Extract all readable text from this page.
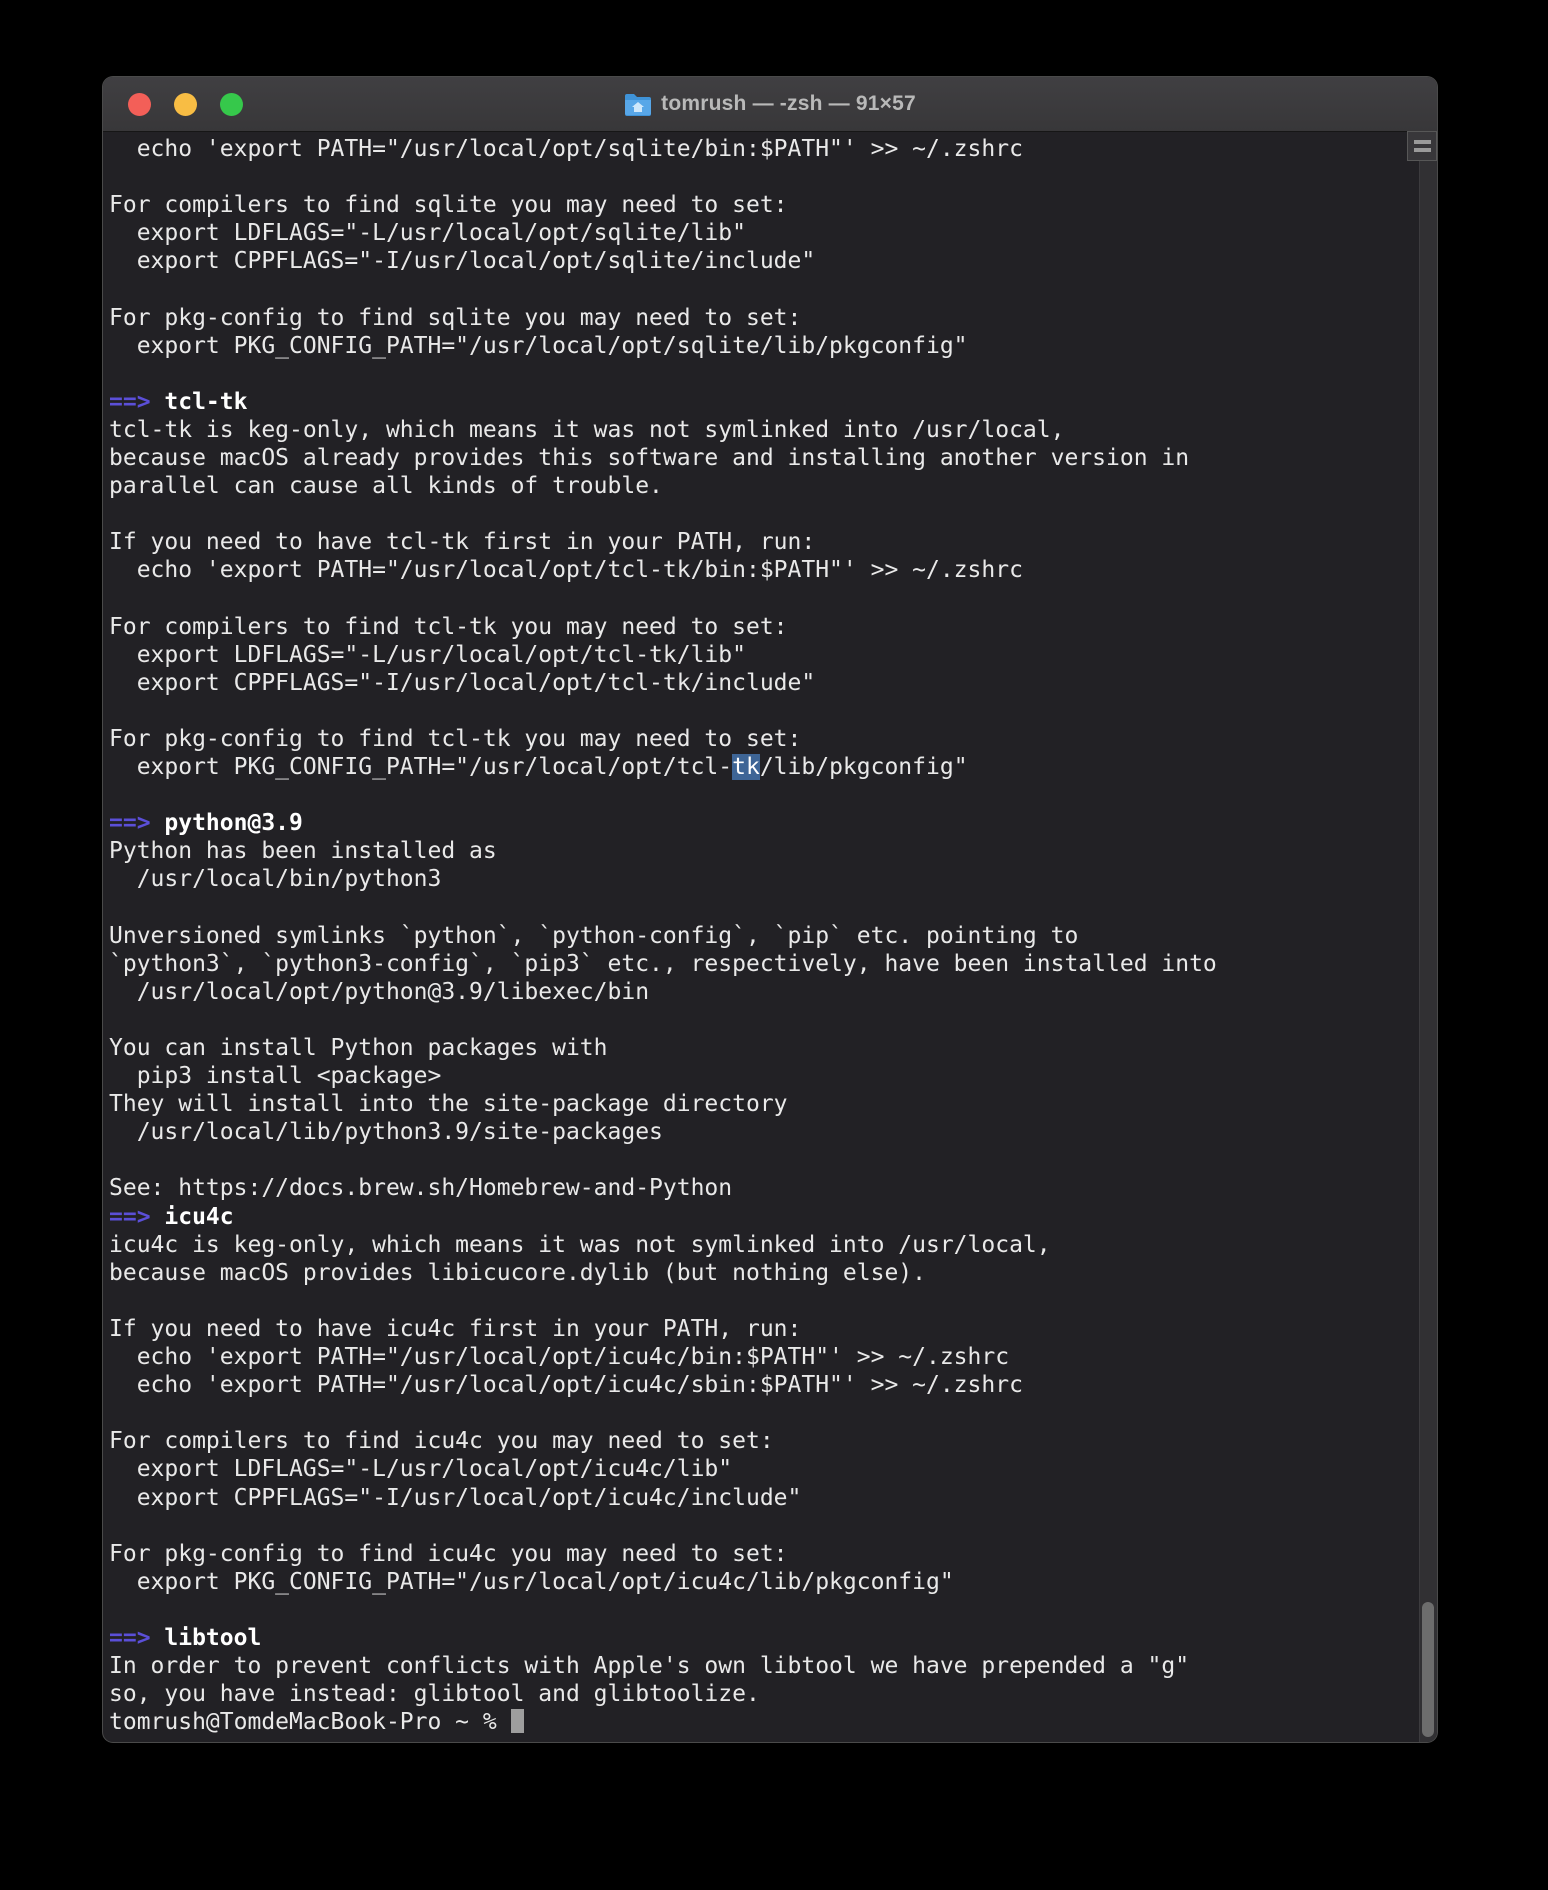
tomrush — -zsh — 91×57
echo 'export PATH="/usr/local/opt/sqlite/bin:$PATH"' >> ~/.zshrc
For compilers to find sqlite you may need to set:
export LDFLAGS="-L/usr/local/opt/sqlite/lib"
export CPPFLAGS="-I/usr/local/opt/sqlite/include"
For pkg-config to find sqlite you may need to set:
export PKG_CONFIG_PATH="/usr/local/opt/sqlite/lib/pkgconfig"
==> tcl-tk
tcl-tk is keg-only, which means it was not symlinked into /usr/local,
because macOS already provides this software and installing another version in
parallel can cause all kinds of trouble.
If you need to have tcl-tk first in your PATH, run:
echo 'export PATH="/usr/local/opt/tcl-tk/bin:$PATH"' >> ~/.zshrc
For compilers to find tcl-tk you may need to set:
export LDFLAGS="-L/usr/local/opt/tcl-tk/lib"
export CPPFLAGS="-I/usr/local/opt/tcl-tk/include"
For pkg-config to find tcl-tk you may need to set:
export PKG_CONFIG_PATH="/usr/local/opt/tcl-tk/lib/pkgconfig"
==> python@3.9
Python has been installed as
/usr/local/bin/python3
Unversioned symlinks `python`, `python-config`, `pip` etc. pointing to
`python3`, `python3-config`, `pip3` etc., respectively, have been installed into
/usr/local/opt/python@3.9/libexec/bin
You can install Python packages with
pip3 install <package>
They will install into the site-package directory
/usr/local/lib/python3.9/site-packages
See: https://docs.brew.sh/Homebrew-and-Python
==> icu4c
icu4c is keg-only, which means it was not symlinked into /usr/local,
because macOS provides libicucore.dylib (but nothing else).
If you need to have icu4c first in your PATH, run:
echo 'export PATH="/usr/local/opt/icu4c/bin:$PATH"' >> ~/.zshrc
echo 'export PATH="/usr/local/opt/icu4c/sbin:$PATH"' >> ~/.zshrc
For compilers to find icu4c you may need to set:
export LDFLAGS="-L/usr/local/opt/icu4c/lib"
export CPPFLAGS="-I/usr/local/opt/icu4c/include"
For pkg-config to find icu4c you may need to set:
export PKG_CONFIG_PATH="/usr/local/opt/icu4c/lib/pkgconfig"
==> libtool
In order to prevent conflicts with Apple's own libtool we have prepended a "g"
so, you have instead: glibtool and glibtoolize.
tomrush@TomdeMacBook-Pro ~ %
